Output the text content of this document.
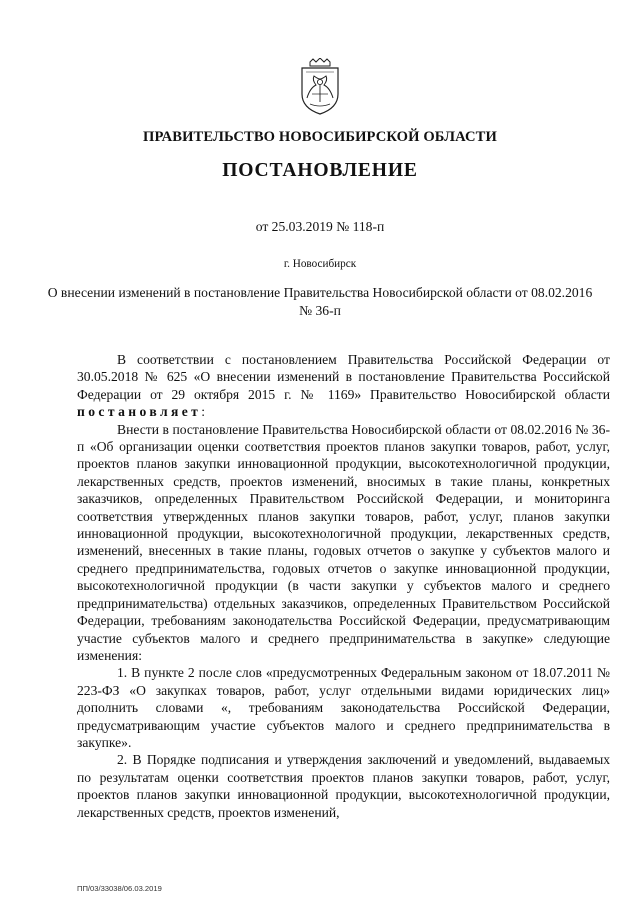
ПРАВИТЕЛЬСТВО НОВОСИБИРСКОЙ ОБЛАСТИ
ПОСТАНОВЛЕНИЕ
от 25.03.2019 № 118-п
г. Новосибирск
О внесении изменений в постановление Правительства Новосибирской области от 08.02.2016 № 36-п

В соответствии с постановлением Правительства Российской Федерации от 30.05.2018 № 625 «О внесении изменений в постановление Правительства Российской Федерации от 29 октября 2015 г. № 1169» Правительство Новосибирской области постановляет:

Внести в постановление Правительства Новосибирской области от 08.02.2016 № 36-п «Об организации оценки соответствия проектов планов закупки товаров, работ, услуг, проектов планов закупки инновационной продукции, высокотехнологичной продукции, лекарственных средств, проектов изменений, вносимых в такие планы, конкретных заказчиков, определенных Правительством Российской Федерации, и мониторинга соответствия утвержденных планов закупки товаров, работ, услуг, планов закупки инновационной продукции, высокотехнологичной продукции, лекарственных средств, изменений, внесенных в такие планы, годовых отчетов о закупке у субъектов малого и среднего предпринимательства, годовых отчетов о закупке инновационной продукции, высокотехнологичной продукции (в части закупки у субъектов малого и среднего предпринимательства) отдельных заказчиков, определенных Правительством Российской Федерации, требованиям законодательства Российской Федерации, предусматривающим участие субъектов малого и среднего предпринимательства в закупке» следующие изменения:

1. В пункте 2 после слов «предусмотренных Федеральным законом от 18.07.2011 № 223-ФЗ «О закупках товаров, работ, услуг отдельными видами юридических лиц» дополнить словами «, требованиям законодательства Российской Федерации, предусматривающим участие субъектов малого и среднего предпринимательства в закупке».

2. В Порядке подписания и утверждения заключений и уведомлений, выдаваемых по результатам оценки соответствия проектов планов закупки товаров, работ, услуг, проектов планов закупки инновационной продукции, высокотехнологичной продукции, лекарственных средств, проектов изменений,

ПП/03/33038/06.03.2019
